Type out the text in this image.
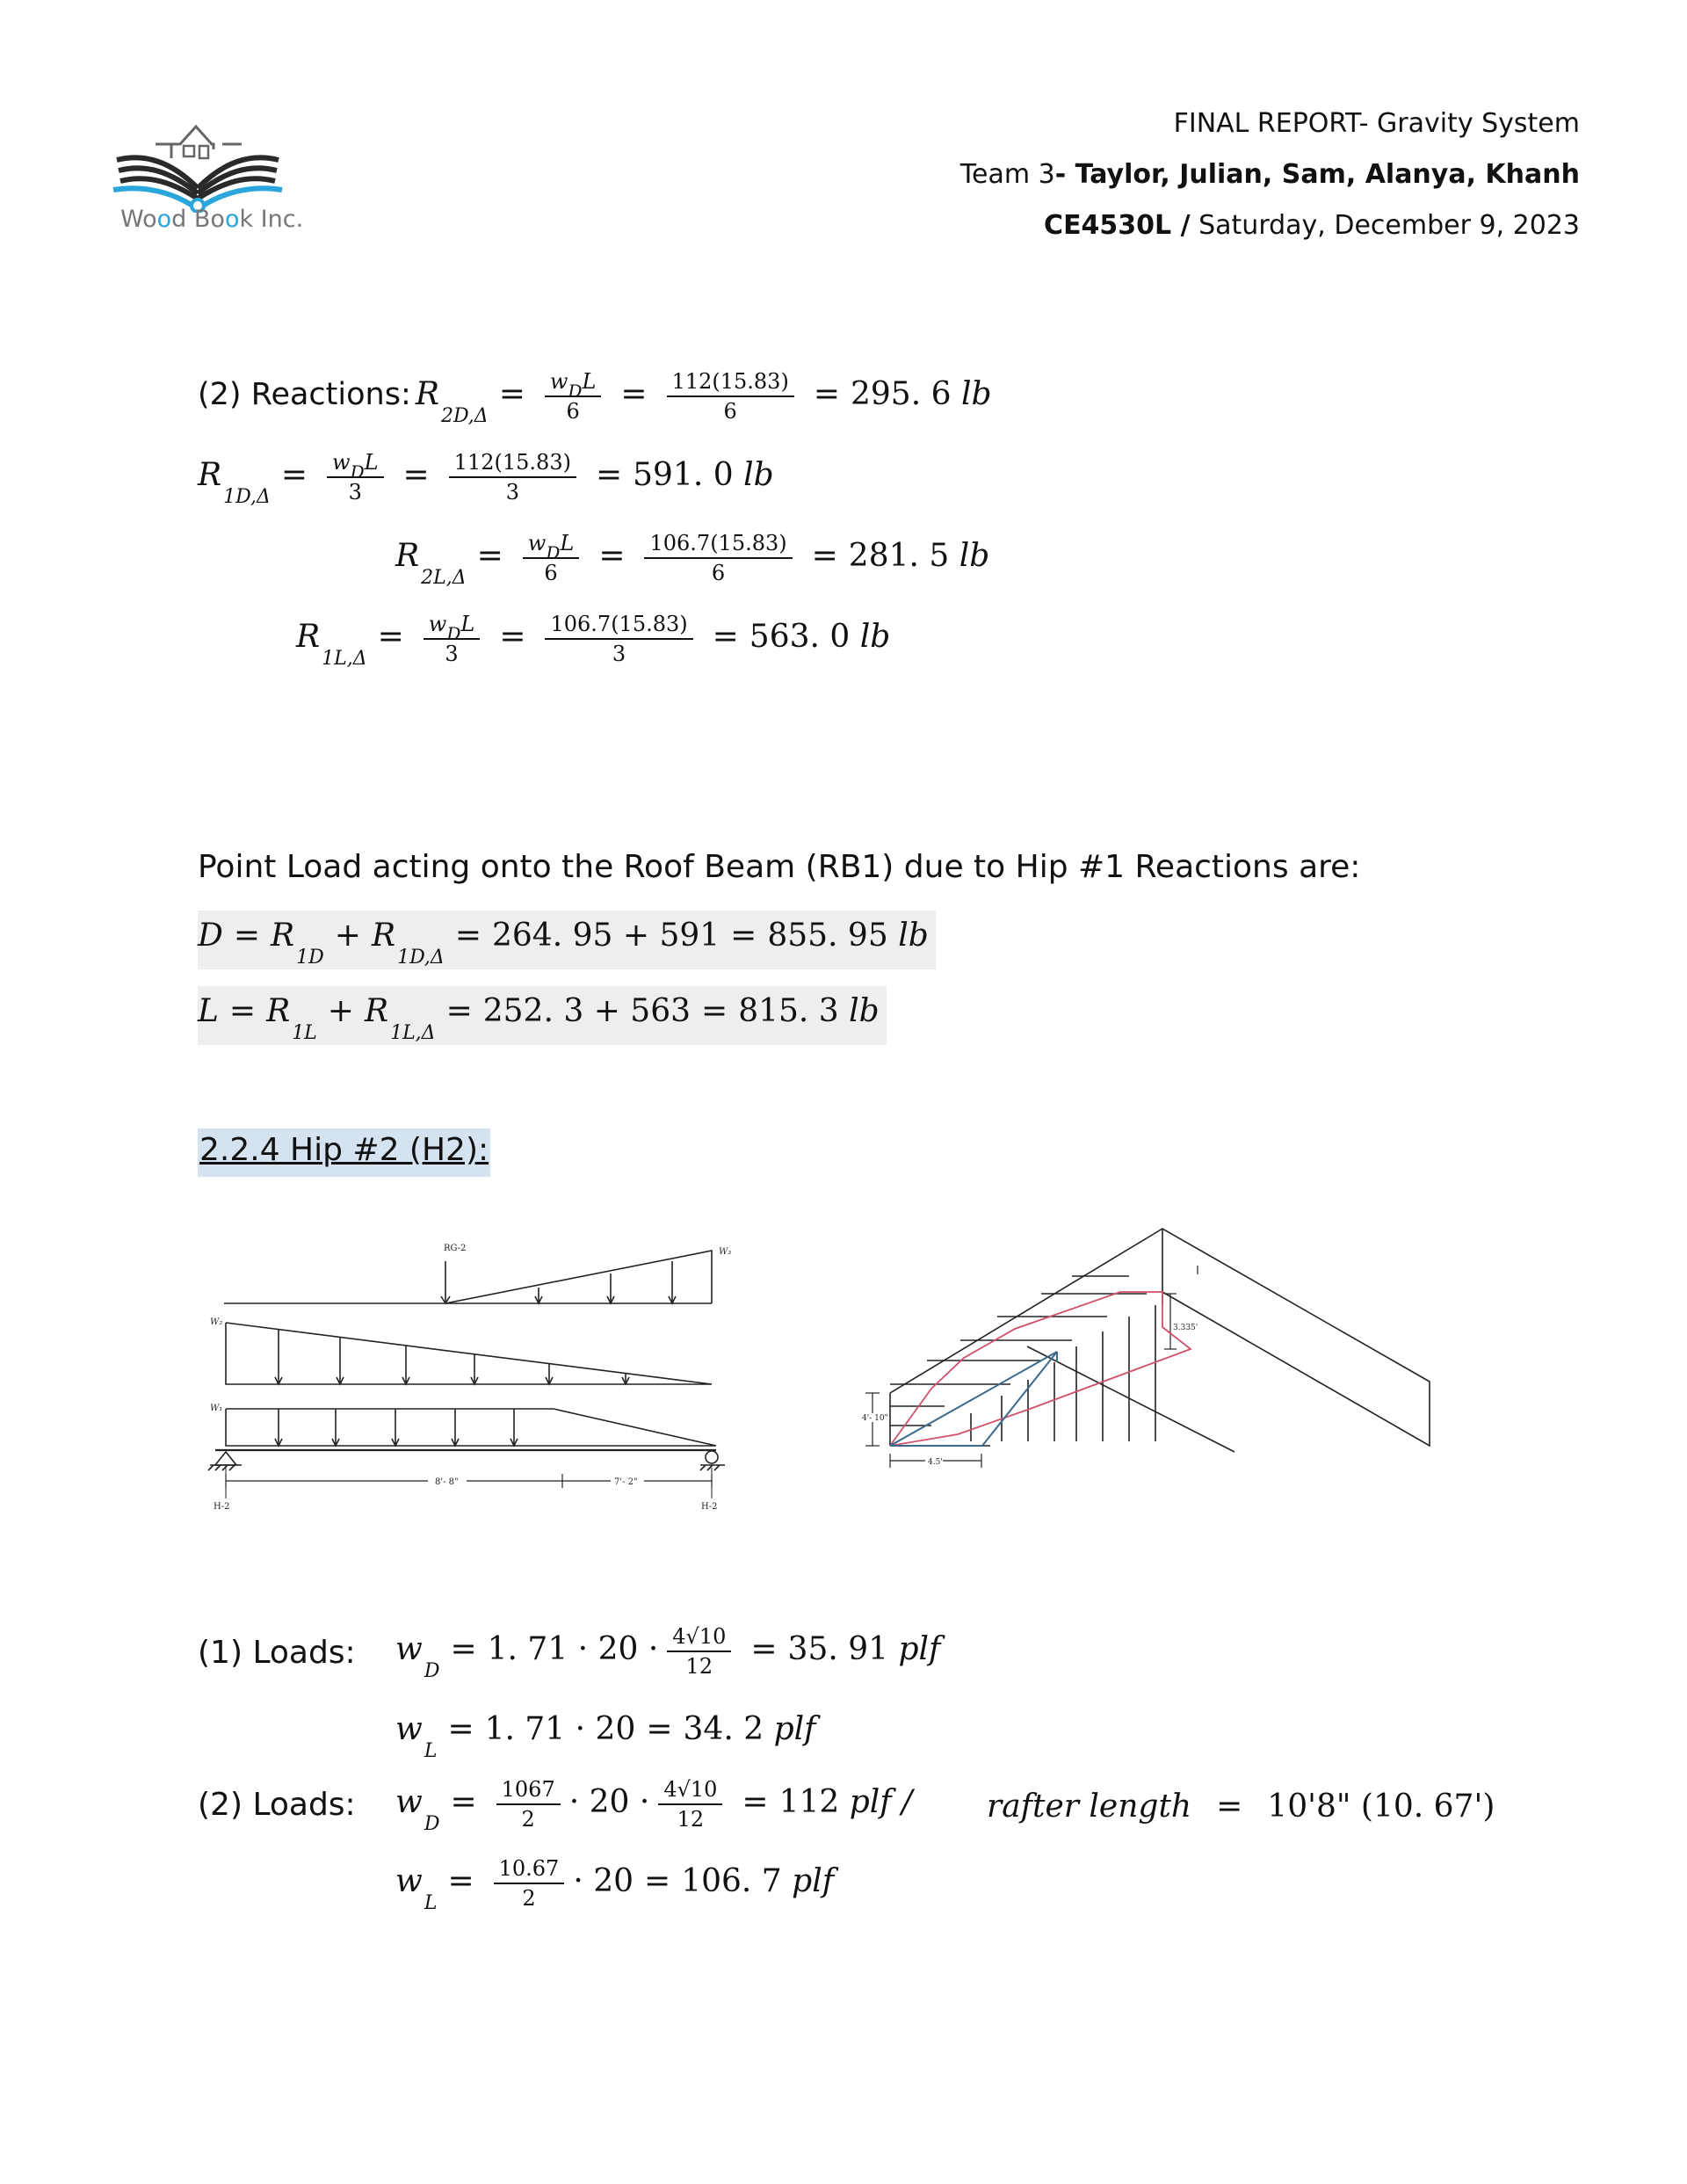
Wood Book Inc.
FINAL REPORT- Gravity System
Team 3- Taylor, Julian, Sam, Alanya, Khanh
CE4530L / Saturday, December 9, 2023
(2) Reactions: $R_{2D,\Delta}= \frac{w_DL}{6} = \frac{112(15.83)}{6} = 295$. 6 lb
$R_{1D,\Delta}= \frac{w_DL}{3} = \frac{112(15.83)}{3} = 591$. 0 lb
$R_{2L,\Delta}= \frac{w_DL}{6} = \frac{106.7(15.83)}{6} = 281$. 5 lb
$R_{1L,\Delta}= \frac{w_DL}{3} = \frac{106.7(15.83)}{3} = 563$. 0 lb
Point Load acting onto the Roof Beam (RB1) due to Hip #1 Reactions are:
$D = R_{1D}+ R_{1D,\Delta}= 264$. 95 + 591 = 855. 95 lb
$L = R_{1L}+ R_{1L,\Delta}= 252$. 3 + 563 = 815. 3 lb
2.2.4 Hip #2 (H2):
RG-2	W₃
W₂
W₁
8'- 8"	7'- 2"
H-2	H-2
4'- 10"
4.5'
3.335'
(1) Loads: $w_D= 1$. $71 \cdot 20 \cdot \frac{4√10}{12} = 35$. 91 plf
$w_L= 1$. 71 · 20 = 34. 2 plf
(2) Loads: $w_D= \frac{1067}{2} \cdot 20 \cdot \frac{4√10}{12} = 112$ plf / rafter length = 10'8" (10. 67')
$w_L= \frac{10.67}{2} \cdot 20 = 106$. 7 plf
